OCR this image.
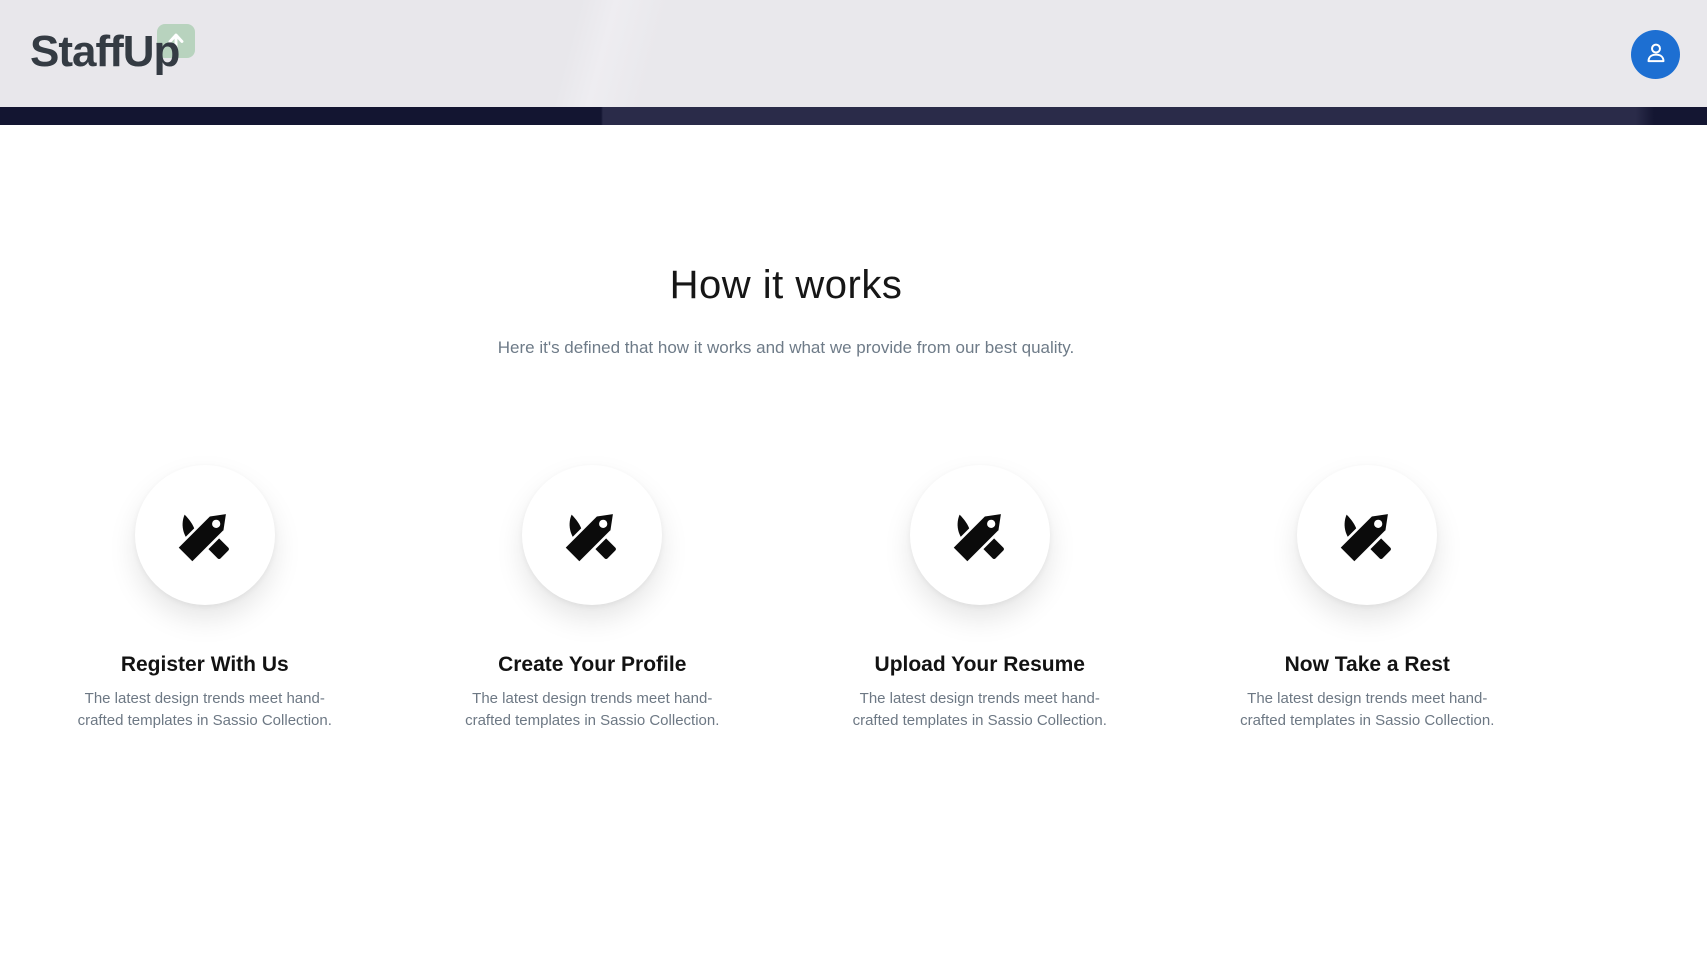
StaffUp
How it works

Here it's defined that how it works and what we provide from our best quality.

Register With Us

The latest design trends meet hand-crafted templates in Sassio Collection.

Create Your Profile

The latest design trends meet hand-crafted templates in Sassio Collection.

Upload Your Resume

The latest design trends meet hand-crafted templates in Sassio Collection.

Now Take a Rest

The latest design trends meet hand-crafted templates in Sassio Collection.
